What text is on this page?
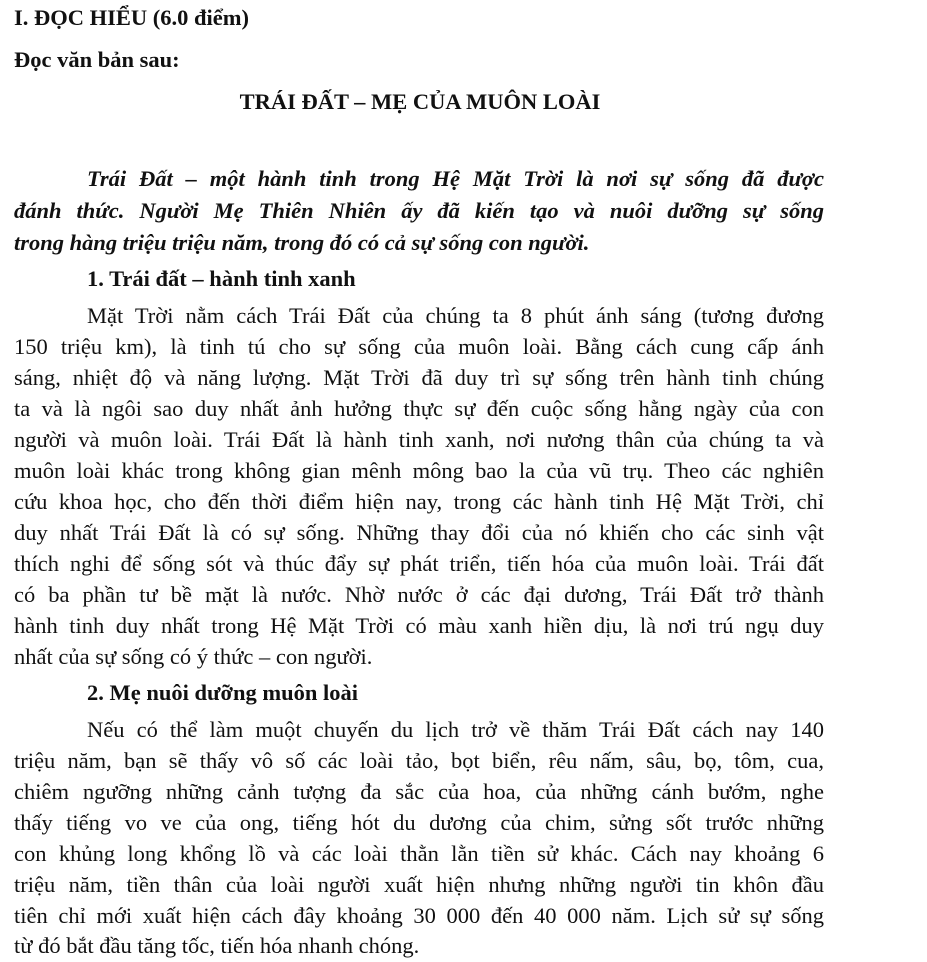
I. ĐỌC HIỂU (6.0 điểm)
Đọc văn bản sau:
TRÁI ĐẤT – MẸ CỦA MUÔN LOÀI
Trái Đất – một hành tinh trong Hệ Mặt Trời là nơi sự sống đã được
đánh thức. Người Mẹ Thiên Nhiên ấy đã kiến tạo và nuôi dưỡng sự sống
trong hàng triệu triệu năm, trong đó có cả sự sống con người.
1. Trái đất – hành tinh xanh
Mặt Trời nằm cách Trái Đất của chúng ta 8 phút ánh sáng (tương đương
150 triệu km), là tinh tú cho sự sống của muôn loài. Bằng cách cung cấp ánh
sáng, nhiệt độ và năng lượng. Mặt Trời đã duy trì sự sống trên hành tinh chúng
ta và là ngôi sao duy nhất ảnh hưởng thực sự đến cuộc sống hằng ngày của con
người và muôn loài. Trái Đất là hành tinh xanh, nơi nương thân của chúng ta và
muôn loài khác trong không gian mênh mông bao la của vũ trụ. Theo các nghiên
cứu khoa học, cho đến thời điểm hiện nay, trong các hành tinh Hệ Mặt Trời, chỉ
duy nhất Trái Đất là có sự sống. Những thay đổi của nó khiến cho các sinh vật
thích nghi để sống sót và thúc đẩy sự phát triển, tiến hóa của muôn loài. Trái đất
có ba phần tư bề mặt là nước. Nhờ nước ở các đại dương, Trái Đất trở thành
hành tinh duy nhất trong Hệ Mặt Trời có màu xanh hiền dịu, là nơi trú ngụ duy
nhất của sự sống có ý thức – con người.
2. Mẹ nuôi dưỡng muôn loài
Nếu có thể làm muột chuyến du lịch trở về thăm Trái Đất cách nay 140
triệu năm, bạn sẽ thấy vô số các loài tảo, bọt biển, rêu nấm, sâu, bọ, tôm, cua,
chiêm ngưỡng những cảnh tượng đa sắc của hoa, của những cánh bướm, nghe
thấy tiếng vo ve của ong, tiếng hót du dương của chim, sửng sốt trước những
con khủng long khổng lồ và các loài thằn lằn tiền sử khác. Cách nay khoảng 6
triệu năm, tiền thân của loài người xuất hiện nhưng những người tin khôn đầu
tiên chỉ mới xuất hiện cách đây khoảng 30 000 đến 40 000 năm. Lịch sử sự sống
từ đó bắt đầu tăng tốc, tiến hóa nhanh chóng.
